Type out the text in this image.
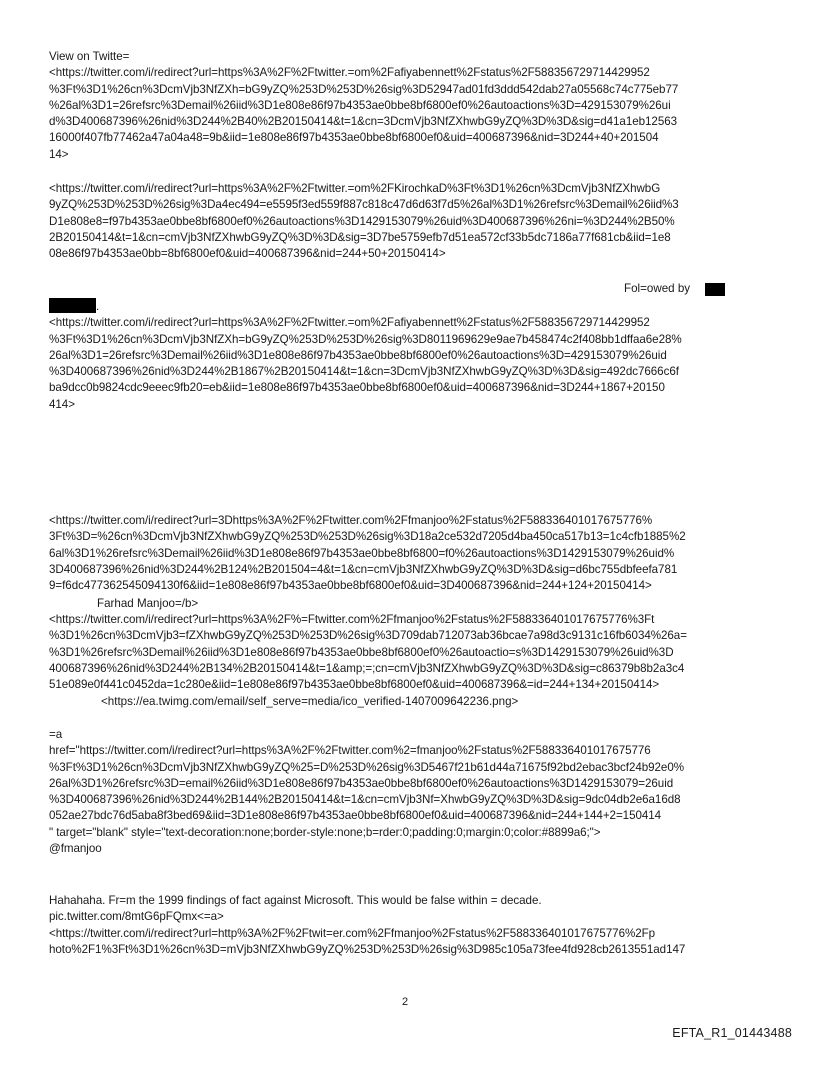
View on Twitte=
<https://twitter.com/i/redirect?url=https%3A%2F%2Ftwitter.=om%2Fafiyabennett%2Fstatus%2F588356729714429952
%3Ft%3D1%26cn%3DcmVjb3NfZXh=bG9yZQ%253D%253D%26sig%3D52947ad01fd3ddd542dab27a05568c74c775eb77
%26al%3D1=26refsrc%3Demail%26iid%3D1e808e86f97b4353ae0bbe8bf6800ef0%26autoactions%3D=429153079%26ui
d%3D400687396%26nid%3D244%2B40%2B20150414&t=1&cn=3DcmVjb3NfZXhwbG9yZQ%3D%3D&sig=d41a1eb12563
16000f407fb77462a47a04a48=9b&iid=1e808e86f97b4353ae0bbe8bf6800ef0&uid=400687396&nid=3D244+40+201504
14>
<https://twitter.com/i/redirect?url=https%3A%2F%2Ftwitter.=om%2FKirochkaD%3Ft%3D1%26cn%3DcmVjb3NfZXhwbG
9yZQ%253D%253D%26sig%3Da4ec494=e5595f3ed559f887c818c47d6d63f7d5%26al%3D1%26refsrc%3Demail%26iid%3
D1e808e8=f97b4353ae0bbe8bf6800ef0%26autoactions%3D1429153079%26uid%3D400687396%26ni=%3D244%2B50%
2B20150414&t=1&cn=cmVjb3NfZXhwbG9yZQ%3D%3D&sig=3D7be5759efb7d51ea572cf33b5dc7186a77f681cb&iid=1e8
08e86f97b4353ae0bb=8bf6800ef0&uid=400687396&nid=244+50+20150414>
Fol=owed by
.
<https://twitter.com/i/redirect?url=https%3A%2F%2Ftwitter.=om%2Fafiyabennett%2Fstatus%2F588356729714429952
%3Ft%3D1%26cn%3DcmVjb3NfZXh=bG9yZQ%253D%253D%26sig%3D8011969629e9ae7b458474c2f408bb1dffaa6e28%
26al%3D1=26refsrc%3Demail%26iid%3D1e808e86f97b4353ae0bbe8bf6800ef0%26autoactions%3D=429153079%26uid
%3D400687396%26nid%3D244%2B1867%2B20150414&t=1&cn=3DcmVjb3NfZXhwbG9yZQ%3D%3D&sig=492dc7666c6f
ba9dcc0b9824cdc9eeec9fb20=eb&iid=1e808e86f97b4353ae0bbe8bf6800ef0&uid=400687396&nid=3D244+1867+20150
414>
<https://twitter.com/i/redirect?url=3Dhttps%3A%2F%2Ftwitter.com%2Ffmanjoo%2Fstatus%2F588336401017675776%
3Ft%3D=%26cn%3DcmVjb3NfZXhwbG9yZQ%253D%253D%26sig%3D18a2ce532d7205d4ba450ca517b13=1c4cfb1885%2
6al%3D1%26refsrc%3Demail%26iid%3D1e808e86f97b4353ae0bbe8bf6800=f0%26autoactions%3D1429153079%26uid%
3D400687396%26nid%3D244%2B124%2B201504=4&t=1&cn=cmVjb3NfZXhwbG9yZQ%3D%3D&sig=d6bc755dbfeefa781
9=f6dc477362545094130f6&iid=1e808e86f97b4353ae0bbe8bf6800ef0&uid=3D400687396&nid=244+124+20150414>
Farhad Manjoo=/b>
<https://twitter.com/i/redirect?url=https%3A%2F%=Ftwitter.com%2Ffmanjoo%2Fstatus%2F588336401017675776%3Ft
%3D1%26cn%3DcmVjb3=fZXhwbG9yZQ%253D%253D%26sig%3D709dab712073ab36bcae7a98d3c9131c16fb6034%26a=
%3D1%26refsrc%3Demail%26iid%3D1e808e86f97b4353ae0bbe8bf6800ef0%26autoactio=s%3D1429153079%26uid%3D
400687396%26nid%3D244%2B134%2B20150414&t=1&amp;=;cn=cmVjb3NfZXhwbG9yZQ%3D%3D&sig=c86379b8b2a3c4
51e089e0f441c0452da=1c280e&iid=1e808e86f97b4353ae0bbe8bf6800ef0&uid=400687396&=id=244+134+20150414>
<https://ea.twimg.com/email/self_serve=media/ico_verified-1407009642236.png>
=a
href="https://twitter.com/i/redirect?url=https%3A%2F%2Ftwitter.com%2=fmanjoo%2Fstatus%2F588336401017675776
%3Ft%3D1%26cn%3DcmVjb3NfZXhwbG9yZQ%25=D%253D%26sig%3D5467f21b61d44a71675f92bd2ebac3bcf24b92e0%
26al%3D1%26refsrc%3D=email%26iid%3D1e808e86f97b4353ae0bbe8bf6800ef0%26autoactions%3D1429153079=26uid
%3D400687396%26nid%3D244%2B144%2B20150414&t=1&cn=cmVjb3Nf=XhwbG9yZQ%3D%3D&sig=9dc04db2e6a16d8
052ae27bdc76d5aba8f3bed69&iid=3D1e808e86f97b4353ae0bbe8bf6800ef0&uid=400687396&nid=244+144+2=150414
" target="blank" style="text-decoration:none;border-style:none;b=rder:0;padding:0;margin:0;color:#8899a6;">
@fmanjoo
Hahahaha. Fr=m the 1999 findings of fact against Microsoft. This would be false within = decade.
pic.twitter.com/8mtG6pFQmx<=a>
<https://twitter.com/i/redirect?url=http%3A%2F%2Ftwit=er.com%2Ffmanjoo%2Fstatus%2F588336401017675776%2Fp
hoto%2F1%3Ft%3D1%26cn%3D=mVjb3NfZXhwbG9yZQ%253D%253D%26sig%3D985c105a73fee4fd928cb2613551ad147
2
EFTA_R1_01443488
